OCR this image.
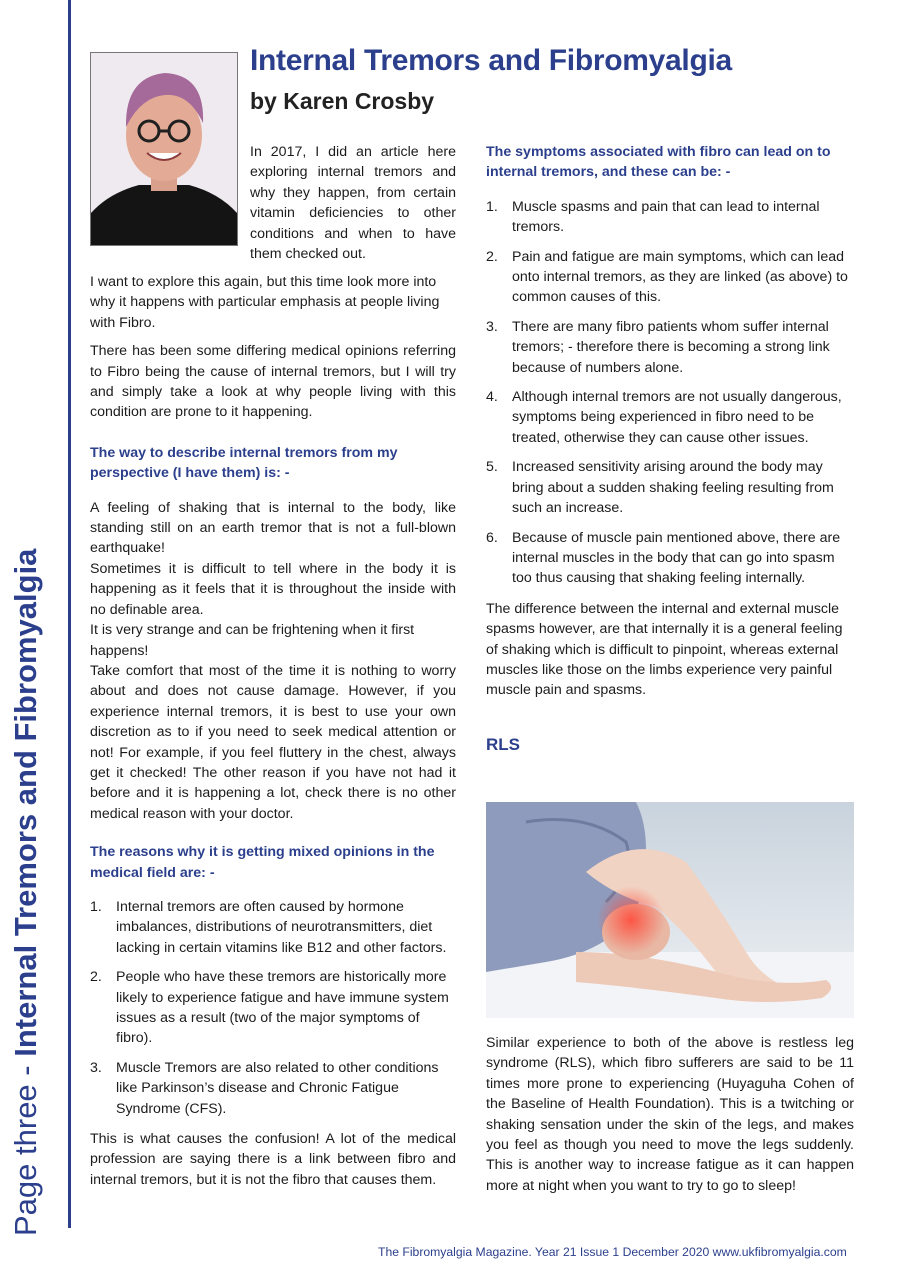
Page three - Internal Tremors and Fibromyalgia
Internal Tremors and Fibromyalgia
by Karen Crosby

In 2017, I did an article here exploring internal tremors and why they happen, from certain vitamin deficiencies to other conditions and when to have them checked out.

I want to explore this again, but this time look more into why it happens with particular emphasis at people living with Fibro.

There has been some differing medical opinions referring to Fibro being the cause of internal tremors, but I will try and simply take a look at why people living with this condition are prone to it happening.

The way to describe internal tremors from my perspective (I have them) is: -

A feeling of shaking that is internal to the body, like standing still on an earth tremor that is not a full-blown earthquake!

Sometimes it is difficult to tell where in the body it is happening as it feels that it is throughout the inside with no definable area.

It is very strange and can be frightening when it first happens!

Take comfort that most of the time it is nothing to worry about and does not cause damage. However, if you experience internal tremors, it is best to use your own discretion as to if you need to seek medical attention or not! For example, if you feel fluttery in the chest, always get it checked! The other reason if you have not had it before and it is happening a lot, check there is no other medical reason with your doctor.

The reasons why it is getting mixed opinions in the medical field are: -
1. Internal tremors are often caused by hormone imbalances, distributions of neurotransmitters, diet lacking in certain vitamins like B12 and other factors.
2. People who have these tremors are historically more likely to experience fatigue and have immune system issues as a result (two of the major symptoms of fibro).
3. Muscle Tremors are also related to other conditions like Parkinson’s disease and Chronic Fatigue Syndrome (CFS).

This is what causes the confusion! A lot of the medical profession are saying there is a link between fibro and internal tremors, but it is not the fibro that causes them.

The symptoms associated with fibro can lead on to internal tremors, and these can be: -
1. Muscle spasms and pain that can lead to internal tremors.
2. Pain and fatigue are main symptoms, which can lead onto internal tremors, as they are linked (as above) to common causes of this.
3. There are many fibro patients whom suffer internal tremors; - therefore there is becoming a strong link because of numbers alone.
4. Although internal tremors are not usually dangerous, symptoms being experienced in fibro need to be treated, otherwise they can cause other issues.
5. Increased sensitivity arising around the body may bring about a sudden shaking feeling resulting from such an increase.
6. Because of muscle pain mentioned above, there are internal muscles in the body that can go into spasm too thus causing that shaking feeling internally.

The difference between the internal and external muscle spasms however, are that internally it is a general feeling of shaking which is difficult to pinpoint, whereas external muscles like those on the limbs experience very painful muscle pain and spasms.

RLS

Similar experience to both of the above is restless leg syndrome (RLS), which fibro sufferers are said to be 11 times more prone to experiencing (Huyaguha Cohen of the Baseline of Health Foundation). This is a twitching or shaking sensation under the skin of the legs, and makes you feel as though you need to move the legs suddenly. This is another way to increase fatigue as it can happen more at night when you want to try to go to sleep!

The Fibromyalgia Magazine. Year 21 Issue 1 December 2020 www.ukfibromyalgia.com
